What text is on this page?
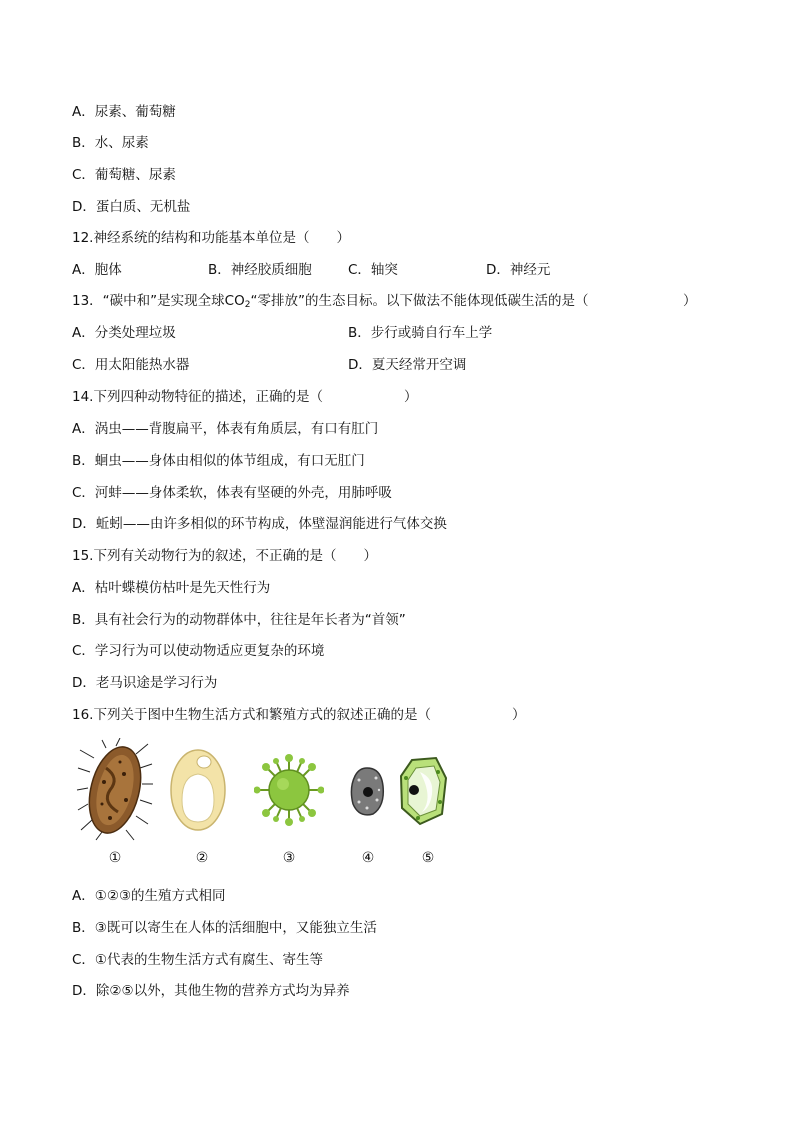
A．尿素、葡萄糖
B．水、尿素
C．葡萄糖、尿素
D．蛋白质、无机盐
12.神经系统的结构和功能基本单位是（　　）
A．胞体	B．神经胶质细胞	C．轴突	D．神经元
13．“碳中和”是实现全球$CO_2“$零排放”的生态目标。以下做法不能体现低碳生活的是（　　　　　　　）
A．分类处理垃圾	B．步行或骑自行车上学
C．用太阳能热水器	D．夏天经常开空调
14.下列四种动物特征的描述，正确的是（　　　　　　）
A．涡虫——背腹扁平，体表有角质层，有口有肛门
B．蛔虫——身体由相似的体节组成，有口无肛门
C．河蚌——身体柔软，体表有坚硬的外壳，用肺呼吸
D．蚯蚓——由许多相似的环节构成，体壁湿润能进行气体交换
15.下列有关动物行为的叙述，不正确的是（　　）
A．枯叶蝶模仿枯叶是先天性行为
B．具有社会行为的动物群体中，往往是年长者为“首领”
C．学习行为可以使动物适应更复杂的环境
D．老马识途是学习行为
16.下列关于图中生物生活方式和繁殖方式的叙述正确的是（　　　　　　）
①	②	③	④	⑤
A．①②③的生殖方式相同
B．③既可以寄生在人体的活细胞中，又能独立生活
C．①代表的生物生活方式有腐生、寄生等
D．除②⑤以外，其他生物的营养方式均为异养
